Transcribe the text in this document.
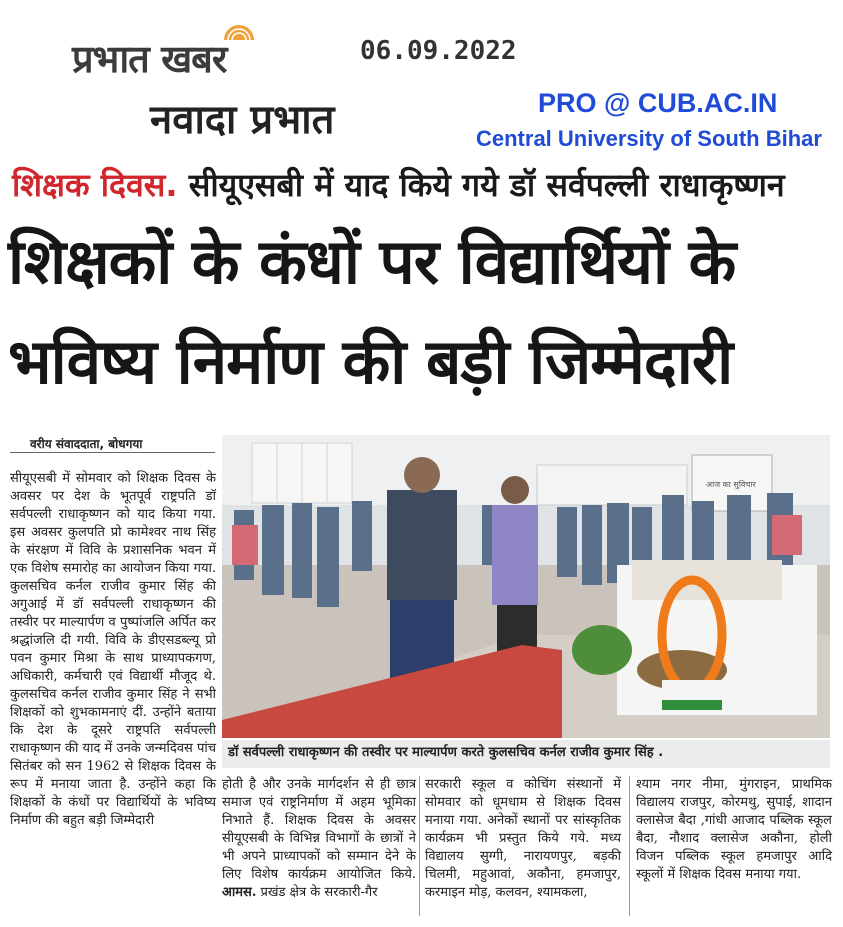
प्रभात खबर	06.09.2022
नवादा प्रभात	PRO @ CUB.AC.IN
Central University of South Bihar
शिक्षक दिवस. सीयूएसबी में याद किये गये डॉ सर्वपल्ली राधाकृष्णन
शिक्षकों के कंधों पर विद्यार्थियों के
भविष्य निर्माण की बड़ी जिम्मेदारी
वरीय संवाददाता, बोधगया

सीयूएसबी में सोमवार को शिक्षक दिवस के अवसर पर देश के भूतपूर्व राष्ट्रपति डॉ सर्वपल्ली राधाकृष्णन को याद किया गया. इस अवसर कुलपति प्रो कामेश्वर नाथ सिंह के संरक्षण में विवि के प्रशासनिक भवन में एक विशेष समारोह का आयोजन किया गया. कुलसचिव कर्नल राजीव कुमार सिंह की अगुआई में डॉ सर्वपल्ली राधाकृष्णन की तस्वीर पर माल्यार्पण व पुष्पांजलि अर्पित कर श्रद्धांजलि दी गयी. विवि के डीएसडब्ल्यू प्रो पवन कुमार मिश्रा के साथ प्राध्यापकगण, अधिकारी, कर्मचारी एवं विद्यार्थी मौजूद थे. कुलसचिव कर्नल राजीव कुमार सिंह ने सभी शिक्षकों को शुभकामनाएं दीं. उन्होंने बताया कि देश के दूसरे राष्ट्रपति सर्वपल्ली राधाकृष्णन की याद में उनके जन्मदिवस पांच सितंबर को सन 1962 से शिक्षक दिवस के रूप में मनाया जाता है. उन्होंने कहा कि शिक्षकों के कंधों पर विद्यार्थियों के भविष्य निर्माण की बहुत बड़ी जिम्मेदारी

आज का सुविचार
डॉ सर्वपल्ली राधाकृष्णन की तस्वीर पर माल्यार्पण करते कुलसचिव कर्नल राजीव कुमार सिंह .

होती है और उनके मार्गदर्शन से ही छात्र समाज एवं राष्ट्रनिर्माण में अहम भूमिका निभाते हैं. शिक्षक दिवस के अवसर सीयूएसबी के विभिन्न विभागों के छात्रों ने भी अपने प्राध्यापकों को सम्मान देने के लिए विशेष कार्यक्रम आयोजित किये. आमस. प्रखंड क्षेत्र के सरकारी-गैर

सरकारी स्कूल व कोचिंग संस्थानों में सोमवार को धूमधाम से शिक्षक दिवस मनाया गया. अनेकों स्थानों पर सांस्कृतिक कार्यक्रम भी प्रस्तुत किये गये. मध्य विद्यालय सुग्गी, नारायणपुर, बड़की चिलमी, महुआवां, अकौना, हमजापुर, करमाइन मोड़, कलवन, श्यामकला,

श्याम नगर नीमा, मुंगराइन, प्राथमिक विद्यालय राजपुर, कोरमथु, सुपाई, शादान क्लासेज बैदा ,गांधी आजाद पब्लिक स्कूल बैदा, नौशाद क्लासेज अकौना, होली विजन पब्लिक स्कूल हमजापुर आदि स्कूलों में शिक्षक दिवस मनाया गया.
